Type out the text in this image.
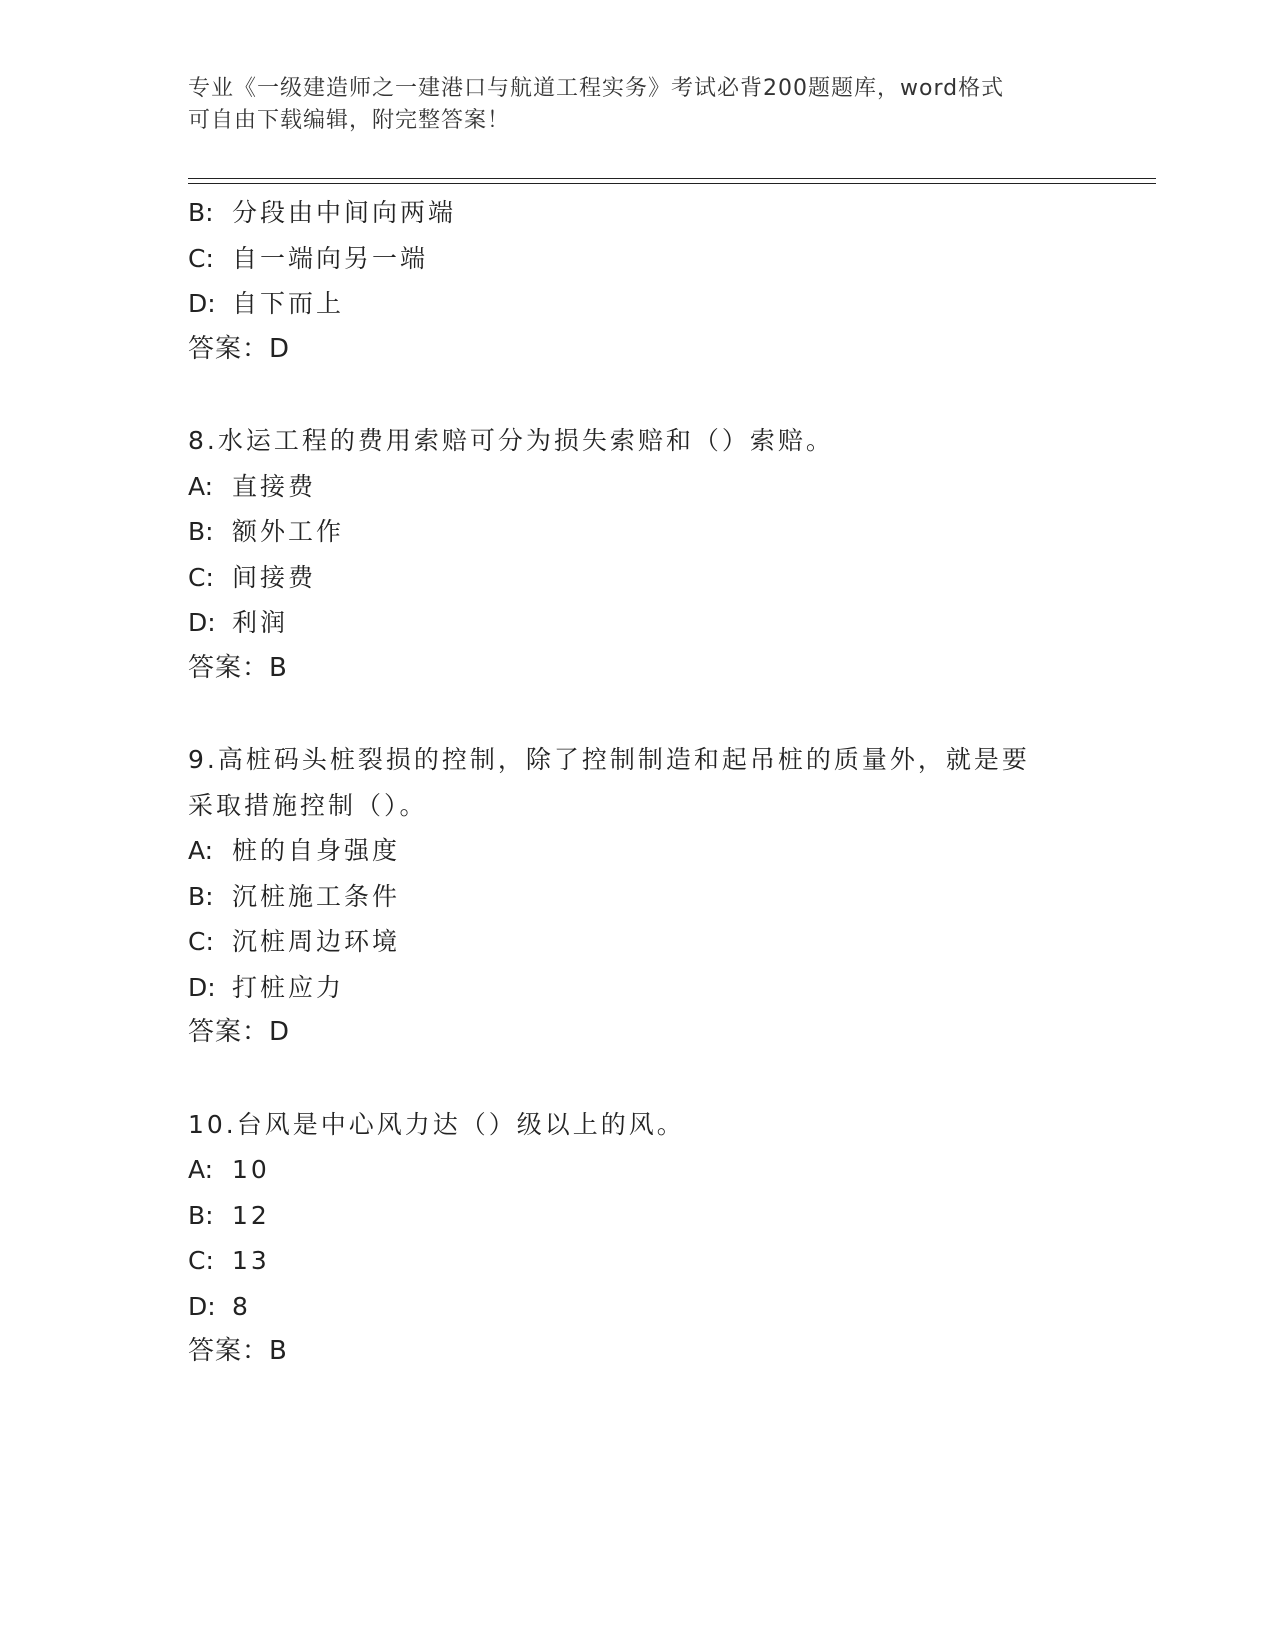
专业《一级建造师之一建港口与航道工程实务》考试必背200题题库，word格式
可自由下载编辑，附完整答案！
B: 分段由中间向两端
C: 自一端向另一端
D: 自下而上
答案：D
8.水运工程的费用索赔可分为损失索赔和（）索赔。
A: 直接费
B: 额外工作
C: 间接费
D: 利润
答案：B
9.高桩码头桩裂损的控制，除了控制制造和起吊桩的质量外，就是要
采取措施控制（）。
A: 桩的自身强度
B: 沉桩施工条件
C: 沉桩周边环境
D: 打桩应力
答案：D
10.台风是中心风力达（）级以上的风。
A: 10
B: 12
C: 13
D: 8
答案：B
